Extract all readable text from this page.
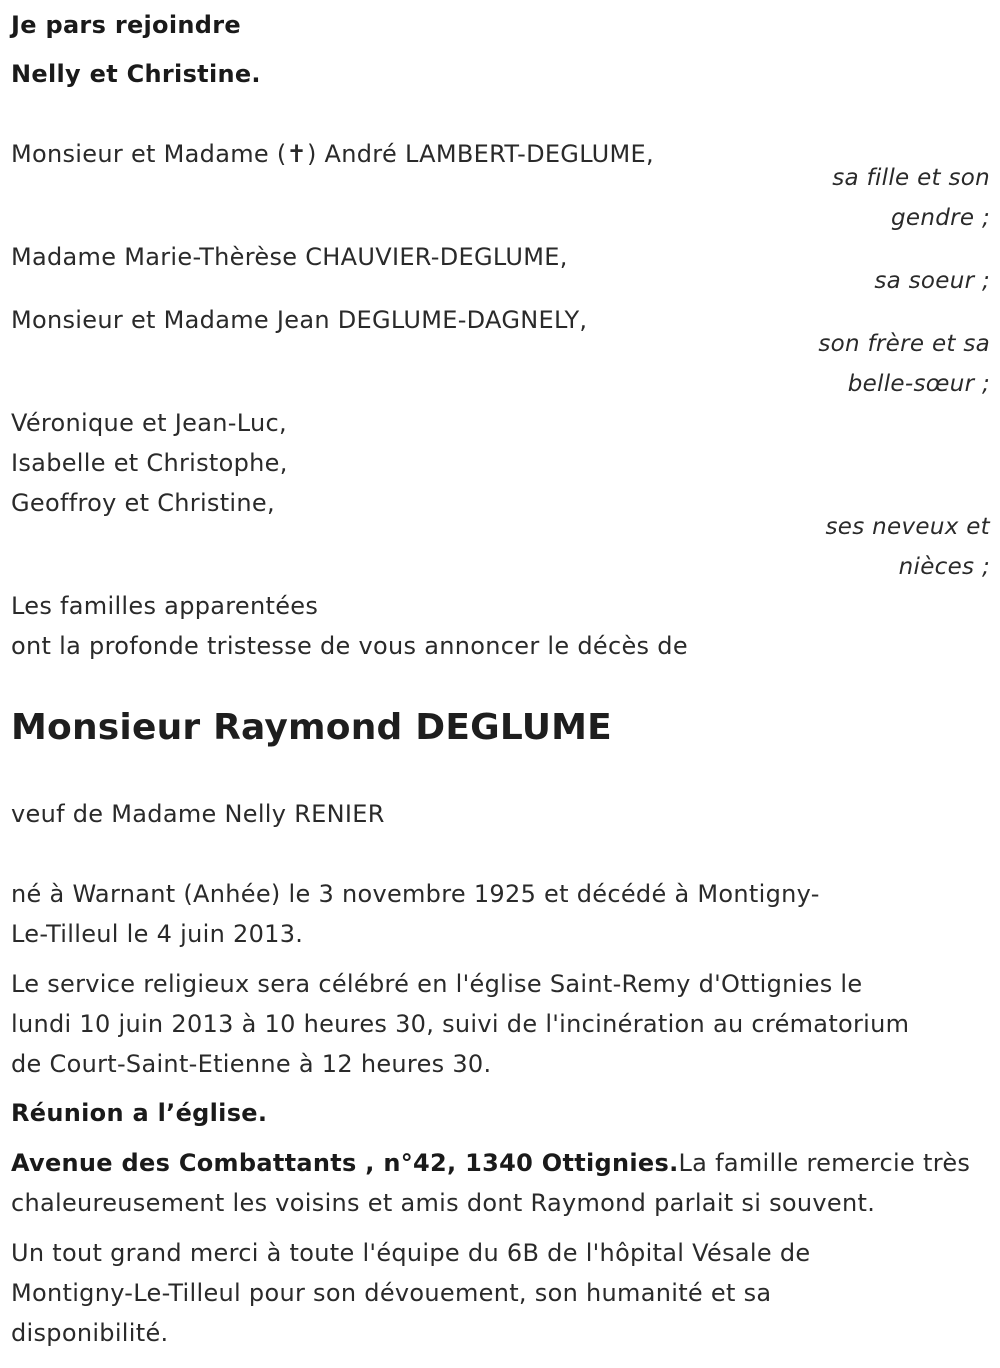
Je pars rejoindre

Nelly et Christine.

Monsieur et Madame (✝) André LAMBERT-DEGLUME,

sa fille et son

gendre ;

Madame Marie-Thèrèse CHAUVIER-DEGLUME,

sa soeur ;

Monsieur et Madame Jean DEGLUME-DAGNELY,

son frère et sa

belle-sœur ;

Véronique et Jean-Luc,

Isabelle et Christophe,

Geoffroy et Christine,

ses neveux et

nièces ;

Les familles apparentées

ont la profonde tristesse de vous annoncer le décès de

Monsieur Raymond DEGLUME

veuf de Madame Nelly RENIER

né à Warnant (Anhée) le 3 novembre 1925 et décédé à Montigny-

Le-Tilleul le 4 juin 2013.

Le service religieux sera célébré en l'église Saint-Remy d'Ottignies le

lundi 10 juin 2013 à 10 heures 30, suivi de l'incinération au crématorium

de Court-Saint-Etienne à 12 heures 30.

Réunion a l’église.

Avenue des Combattants , n°42, 1340 Ottignies.La famille remercie très

chaleureusement les voisins et amis dont Raymond parlait si souvent.

Un tout grand merci à toute l'équipe du 6B de l'hôpital Vésale de

Montigny-Le-Tilleul pour son dévouement, son humanité et sa

disponibilité.
